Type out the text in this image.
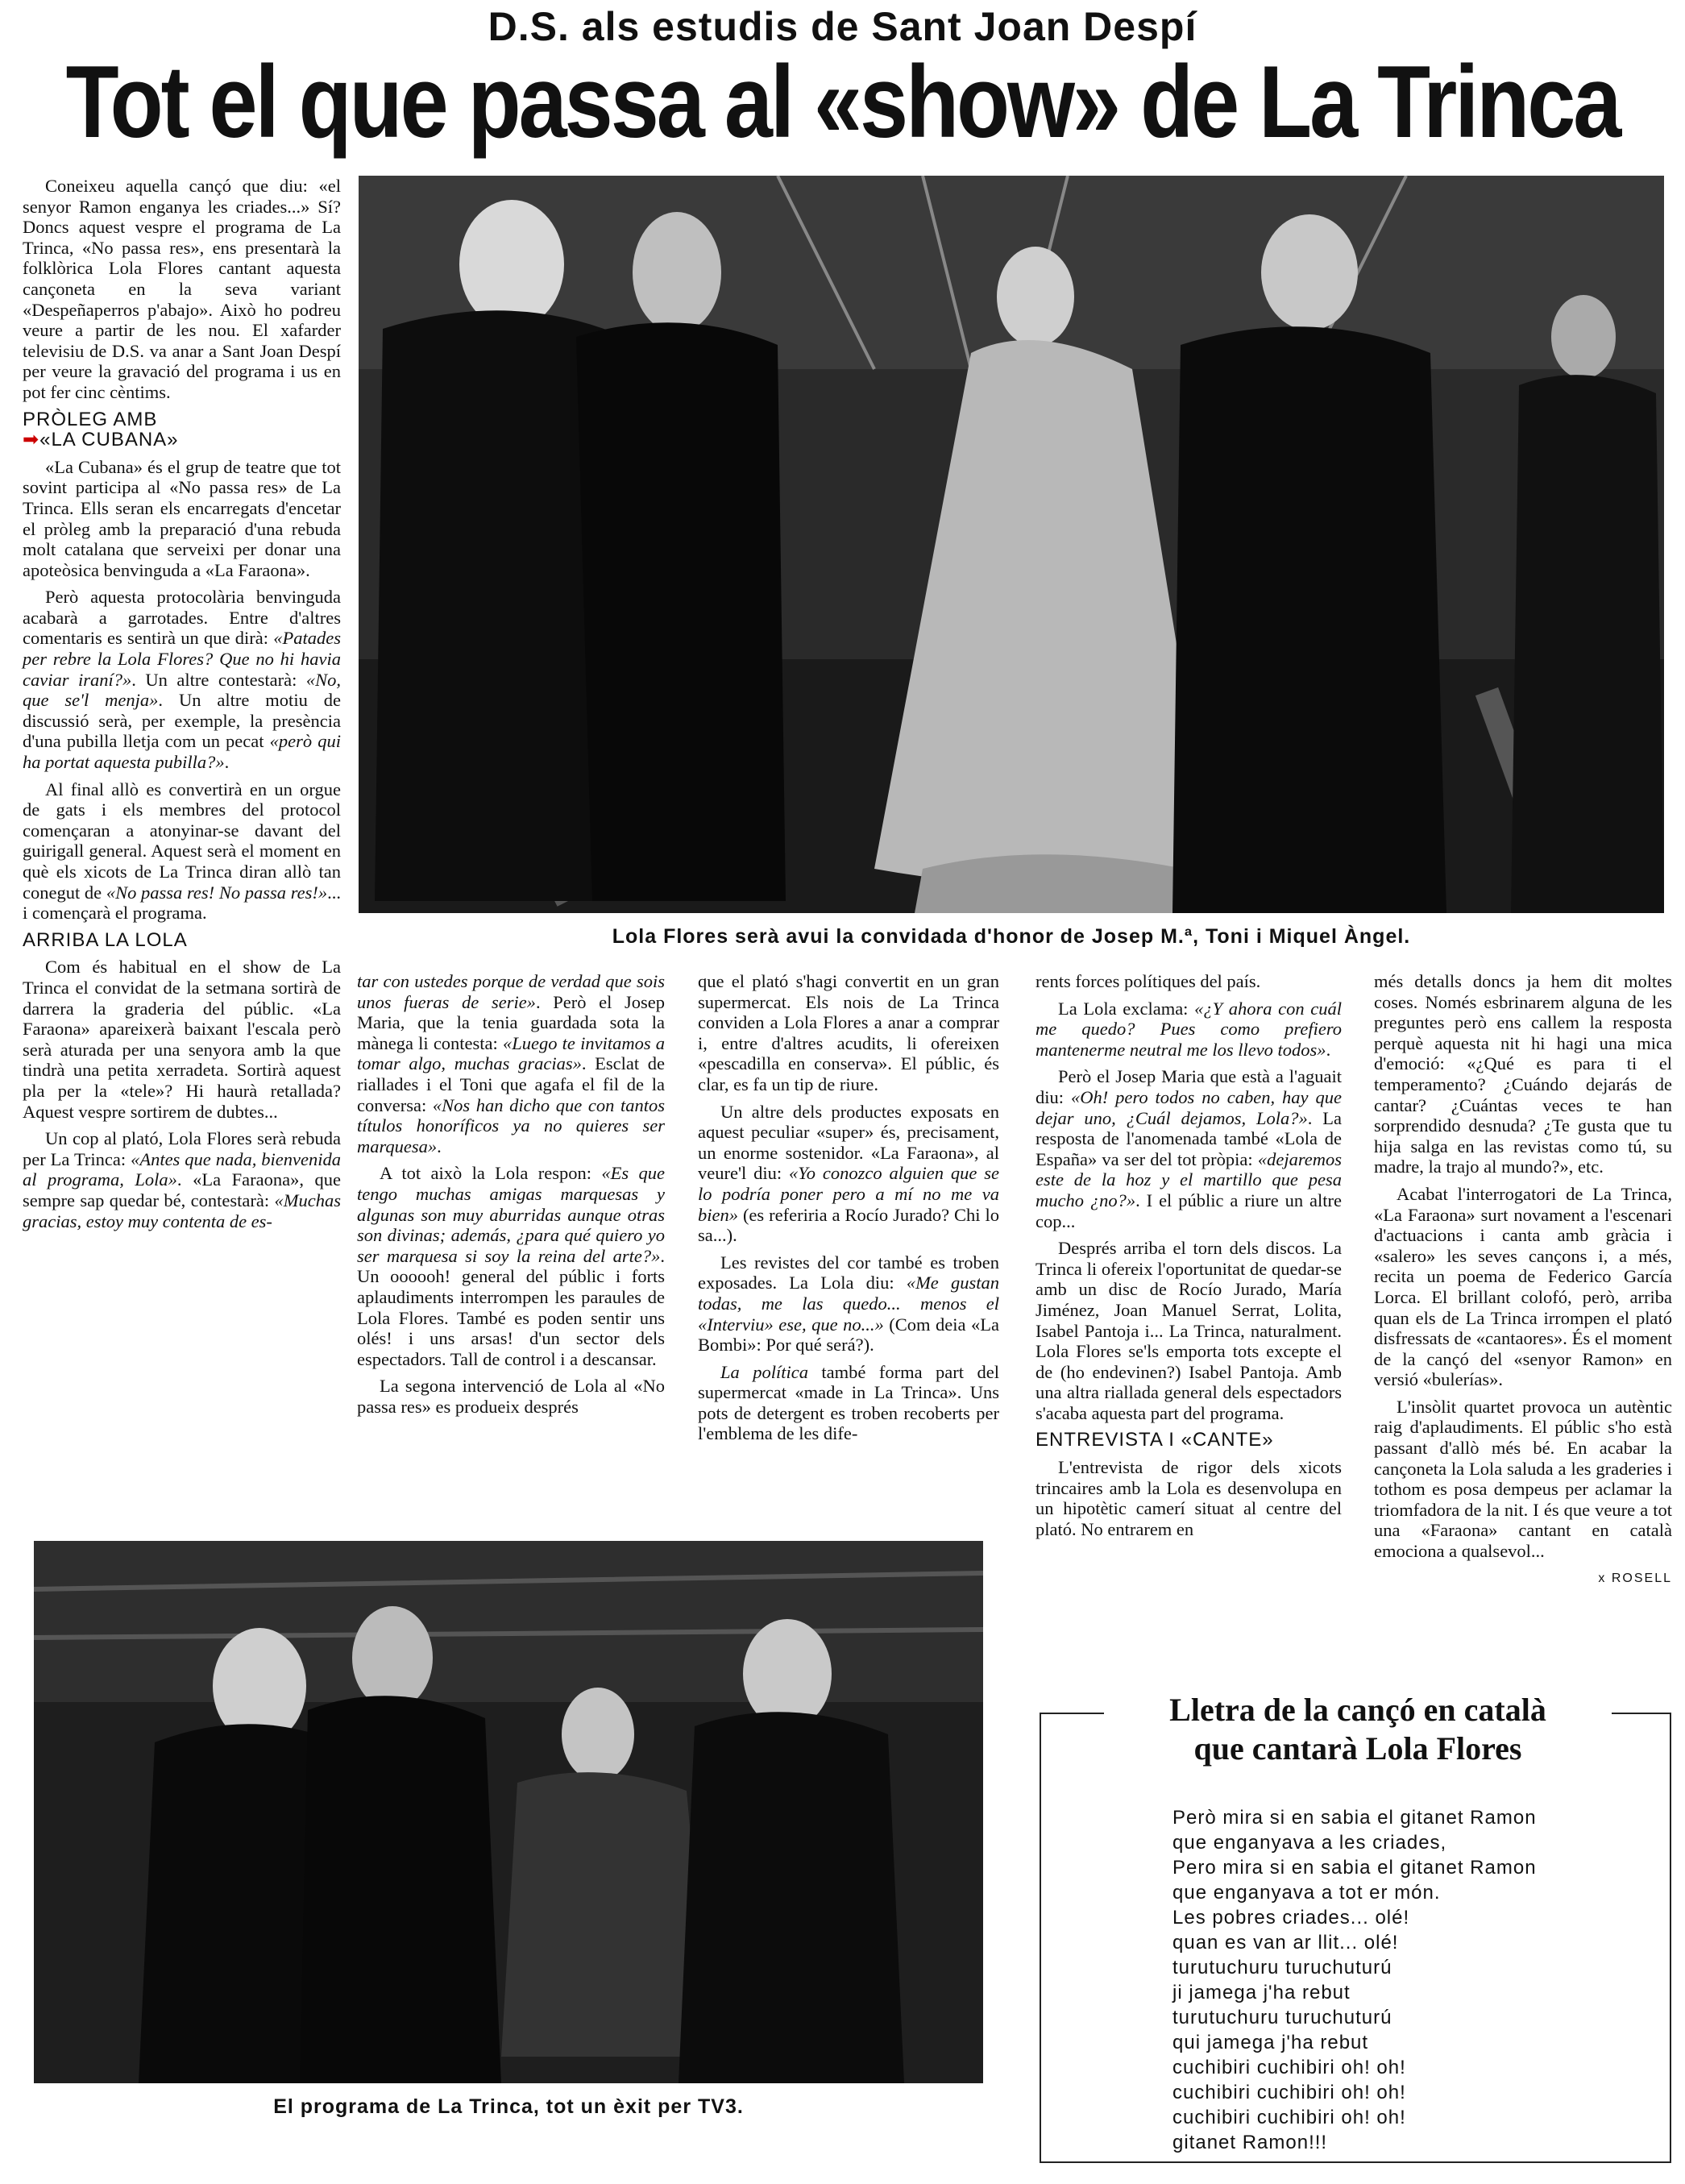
D.S. als estudis de Sant Joan Despí
Tot el que passa al «show» de La Trinca

Coneixeu aquella cançó que diu: «el senyor Ramon enganya les criades...» Sí? Doncs aquest vespre el programa de La Trinca, «No passa res», ens presentarà la folklòrica Lola Flores cantant aquesta cançoneta en la seva variant «Despeñaperros p'abajo». Això ho podreu veure a partir de les nou. El xafarder televisiu de D.S. va anar a Sant Joan Despí per veure la gravació del programa i us en pot fer cinc cèntims.

PRÒLEG AMB
➡«LA CUBANA»

«La Cubana» és el grup de teatre que tot sovint participa al «No passa res» de La Trinca. Ells seran els encarregats d'encetar el pròleg amb la preparació d'una rebuda molt catalana que serveixi per donar una apoteòsica benvinguda a «La Faraona».

Però aquesta protocolària benvinguda acabarà a garrotades. Entre d'altres comentaris es sentirà un que dirà: «Patades per rebre la Lola Flores? Que no hi havia caviar iraní?». Un altre contestarà: «No, que se'l menja». Un altre motiu de discussió serà, per exemple, la presència d'una pubilla lletja com un pecat «però qui ha portat aquesta pubilla?».

Al final allò es convertirà en un orgue de gats i els membres del protocol començaran a atonyinar-se davant del guirigall general. Aquest serà el moment en què els xicots de La Trinca diran allò tan conegut de «No passa res! No passa res!»... i començarà el programa.

ARRIBA LA LOLA

Com és habitual en el show de La Trinca el convidat de la setmana sortirà de darrera la graderia del públic. «La Faraona» apareixerà baixant l'escala però serà aturada per una senyora amb la que tindrà una petita xerradeta. Sortirà aquest pla per la «tele»? Hi haurà retallada? Aquest vespre sortirem de dubtes...

Un cop al plató, Lola Flores serà rebuda per La Trinca: «Antes que nada, bienvenida al programa, Lola». «La Faraona», que sempre sap quedar bé, contestarà: «Muchas gracias, estoy muy contenta de es-

Lola Flores serà avui la convidada d'honor de Josep M.ª, Toni i Miquel Àngel.

tar con ustedes porque de verdad que sois unos fueras de serie». Però el Josep Maria, que la tenia guardada sota la mànega li contesta: «Luego te invitamos a tomar algo, muchas gracias». Esclat de riallades i el Toni que agafa el fil de la conversa: «Nos han dicho que con tantos títulos honoríficos ya no quieres ser marquesa».

A tot això la Lola respon: «Es que tengo muchas amigas marquesas y algunas son muy aburridas aunque otras son divinas; además, ¿para qué quiero yo ser marquesa si soy la reina del arte?». Un oooooh! general del públic i forts aplaudiments interrompen les paraules de Lola Flores. També es poden sentir uns olés! i uns arsas! d'un sector dels espectadors. Tall de control i a descansar.

La segona intervenció de Lola al «No passa res» es produeix després

que el plató s'hagi convertit en un gran supermercat. Els nois de La Trinca conviden a Lola Flores a anar a comprar i, entre d'altres acudits, li ofereixen «pescadilla en conserva». El públic, és clar, es fa un tip de riure.

Un altre dels productes exposats en aquest peculiar «super» és, precisament, un enorme sostenidor. «La Faraona», al veure'l diu: «Yo conozco alguien que se lo podría poner pero a mí no me va bien» (es referiria a Rocío Jurado? Chi lo sa...).

Les revistes del cor també es troben exposades. La Lola diu: «Me gustan todas, me las quedo... menos el «Interviu» ese, que no...» (Com deia «La Bombi»: Por qué será?).

La política també forma part del supermercat «made in La Trinca». Uns pots de detergent es troben recoberts per l'emblema de les dife-

rents forces polítiques del país.

La Lola exclama: «¿Y ahora con cuál me quedo? Pues como prefiero mantenerme neutral me los llevo todos».

Però el Josep Maria que està a l'aguait diu: «Oh! pero todos no caben, hay que dejar uno, ¿Cuál dejamos, Lola?». La resposta de l'anomenada també «Lola de España» va ser del tot pròpia: «dejaremos este de la hoz y el martillo que pesa mucho ¿no?». I el públic a riure un altre cop...

Després arriba el torn dels discos. La Trinca li ofereix l'oportunitat de quedar-se amb un disc de Rocío Jurado, María Jiménez, Joan Manuel Serrat, Lolita, Isabel Pantoja i... La Trinca, naturalment. Lola Flores se'ls emporta tots excepte el de (ho endevinen?) Isabel Pantoja. Amb una altra riallada general dels espectadors s'acaba aquesta part del programa.

ENTREVISTA I «CANTE»

L'entrevista de rigor dels xicots trincaires amb la Lola es desenvolupa en un hipotètic camerí situat al centre del plató. No entrarem en

més detalls doncs ja hem dit moltes coses. Només esbrinarem alguna de les preguntes però ens callem la resposta perquè aquesta nit hi hagi una mica d'emoció: «¿Qué es para ti el temperamento? ¿Cuándo dejarás de cantar? ¿Cuántas veces te han sorprendido desnuda? ¿Te gusta que tu hija salga en las revistas como tú, su madre, la trajo al mundo?», etc.

Acabat l'interrogatori de La Trinca, «La Faraona» surt novament a l'escenari d'actuacions i canta amb gràcia i «salero» les seves cançons i, a més, recita un poema de Federico García Lorca. El brillant colofó, però, arriba quan els de La Trinca irrompen el plató disfressats de «cantaores». És el moment de la cançó del «senyor Ramon» en versió «bulerías».

L'insòlit quartet provoca un autèntic raig d'aplaudiments. El públic s'ho està passant d'allò més bé. En acabar la cançoneta la Lola saluda a les graderies i tothom es posa dempeus per aclamar la triomfadora de la nit. I és que veure a tot una «Faraona» cantant en català emociona a qualsevol...

x ROSELL
El programa de La Trinca, tot un èxit per TV3.
Lletra de la cançó en català
que cantarà Lola Flores
Però mira si en sabia el gitanet Ramon
que enganyava a les criades,
Pero mira si en sabia el gitanet Ramon
que enganyava a tot er món.
Les pobres criades... olé!
quan es van ar llit... olé!
turutuchuru turuchuturú
ji jamega j'ha rebut
turutuchuru turuchuturú
qui jamega j'ha rebut
cuchibiri cuchibiri oh! oh!
cuchibiri cuchibiri oh! oh!
cuchibiri cuchibiri oh! oh!
gitanet Ramon!!!
